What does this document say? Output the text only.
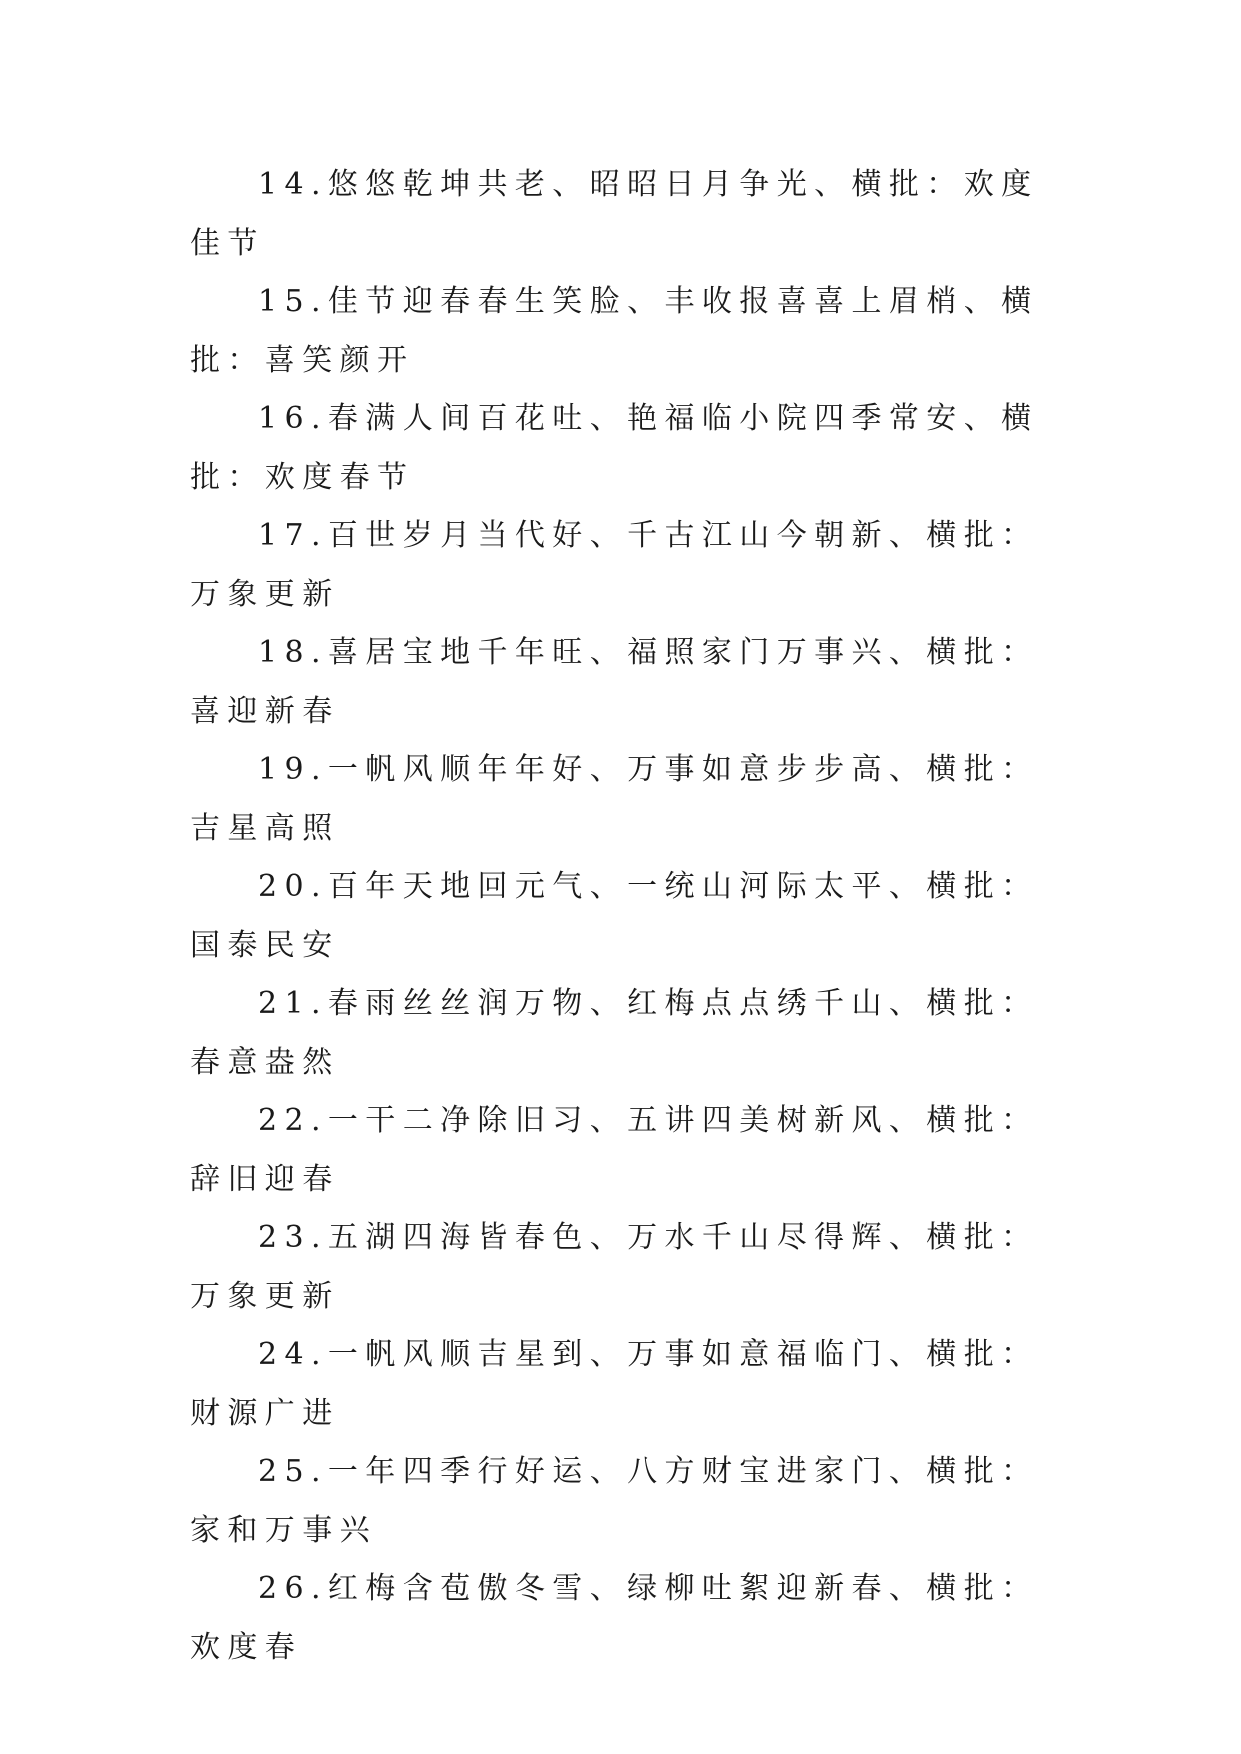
14.悠悠乾坤共老、昭昭日月争光、横批：欢度佳节

15.佳节迎春春生笑脸、丰收报喜喜上眉梢、横批：喜笑颜开

16.春满人间百花吐、艳福临小院四季常安、横批：欢度春节

17.百世岁月当代好、千古江山今朝新、横批：万象更新

18.喜居宝地千年旺、福照家门万事兴、横批：喜迎新春

19.一帆风顺年年好、万事如意步步高、横批：吉星高照

20.百年天地回元气、一统山河际太平、横批：国泰民安

21.春雨丝丝润万物、红梅点点绣千山、横批：春意盎然

22.一干二净除旧习、五讲四美树新风、横批：辞旧迎春

23.五湖四海皆春色、万水千山尽得辉、横批：万象更新

24.一帆风顺吉星到、万事如意福临门、横批：财源广进

25.一年四季行好运、八方财宝进家门、横批：家和万事兴

26.红梅含苞傲冬雪、绿柳吐絮迎新春、横批：欢度春
